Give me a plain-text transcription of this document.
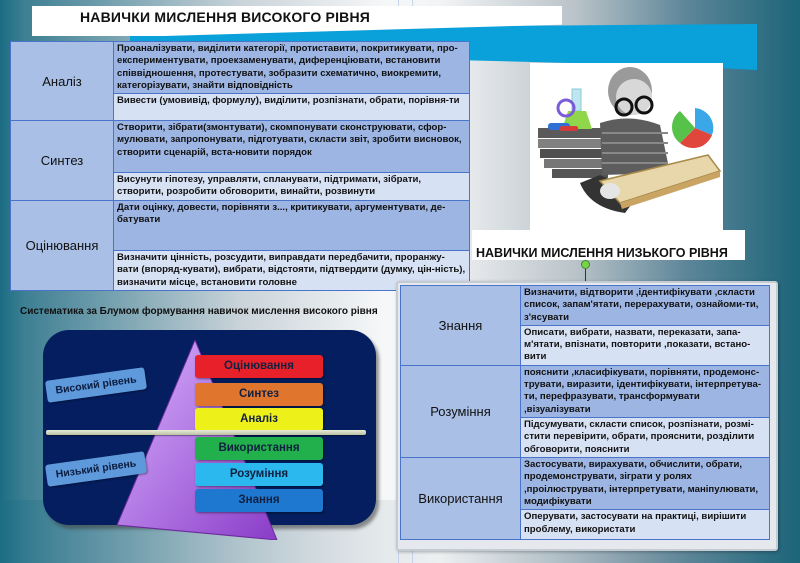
НАВИЧКИ МИСЛЕННЯ ВИСОКОГО РІВНЯ
Аналіз	Проаналізувати, виділити категорії, протиставити, покритикувати, про-експериментувати, проекзаменувати, диференціювати, встановити співвідношення, протестувати, зобразити схематично, виокремити, категорізувати, знайти відповідність
	Вивести (умовивід, формулу), виділити, розпізнати, обрати, порівня-ти
Синтез	Створити, зібрати(змонтувати), скомпонувати сконструювати, сфор-мулювати, запропонувати, підготувати, скласти звіт, зробити висновок, створити сценарій, вста-новити порядок
	Висунути гіпотезу, управляти, спланувати, підтримати, зібрати, створити, розробити обговорити, винайти, розвинути
Оцінювання	Дати оцінку, довести, порівняти з..., критикувати, аргументувати, де-батувати
	Визначити цінність, розсудити, виправдати передбачити, проранжу-вати (впоряд-кувати), вибрати, відстояти, підтвердити (думку, цін-ність), визначити місце, встановити головне
НАВИЧКИ МИСЛЕННЯ НИЗЬКОГО РІВНЯ
Знання	Визначити, відтворити ,ідентифікувати ,скласти список, запам'ятати, перерахувати, ознайоми-ти, з'ясувати
	Описати, вибрати, назвати, переказати, запа-м'ятати, впізнати, повторити ,показати, встано-вити
Розуміння	пояснити ,класифікувати, порівняти, продемонс-трувати, виразити, ідентифікувати, інтерпретува-ти, перефразувати, трансформувати ,візуалізувати
	Підсумувати, скласти список, розпізнати, розмі-стити перевірити, обрати, прояснити, розділити обговорити, пояснити
Використання	Застосувати, вирахувати, обчислити, обрати, продемонструвати, зіграти у ролях ,проілюструвати, інтерпретувати, маніпулювати, модифікувати
	Оперувати, застосувати на практиці, вирішити проблему, використати
Систематика за Блумом формування навичок мислення високого рівня
Високий рівень
Низький рівень
Оцінювання
Синтез
Аналіз
Використання
Розуміння
Знання
